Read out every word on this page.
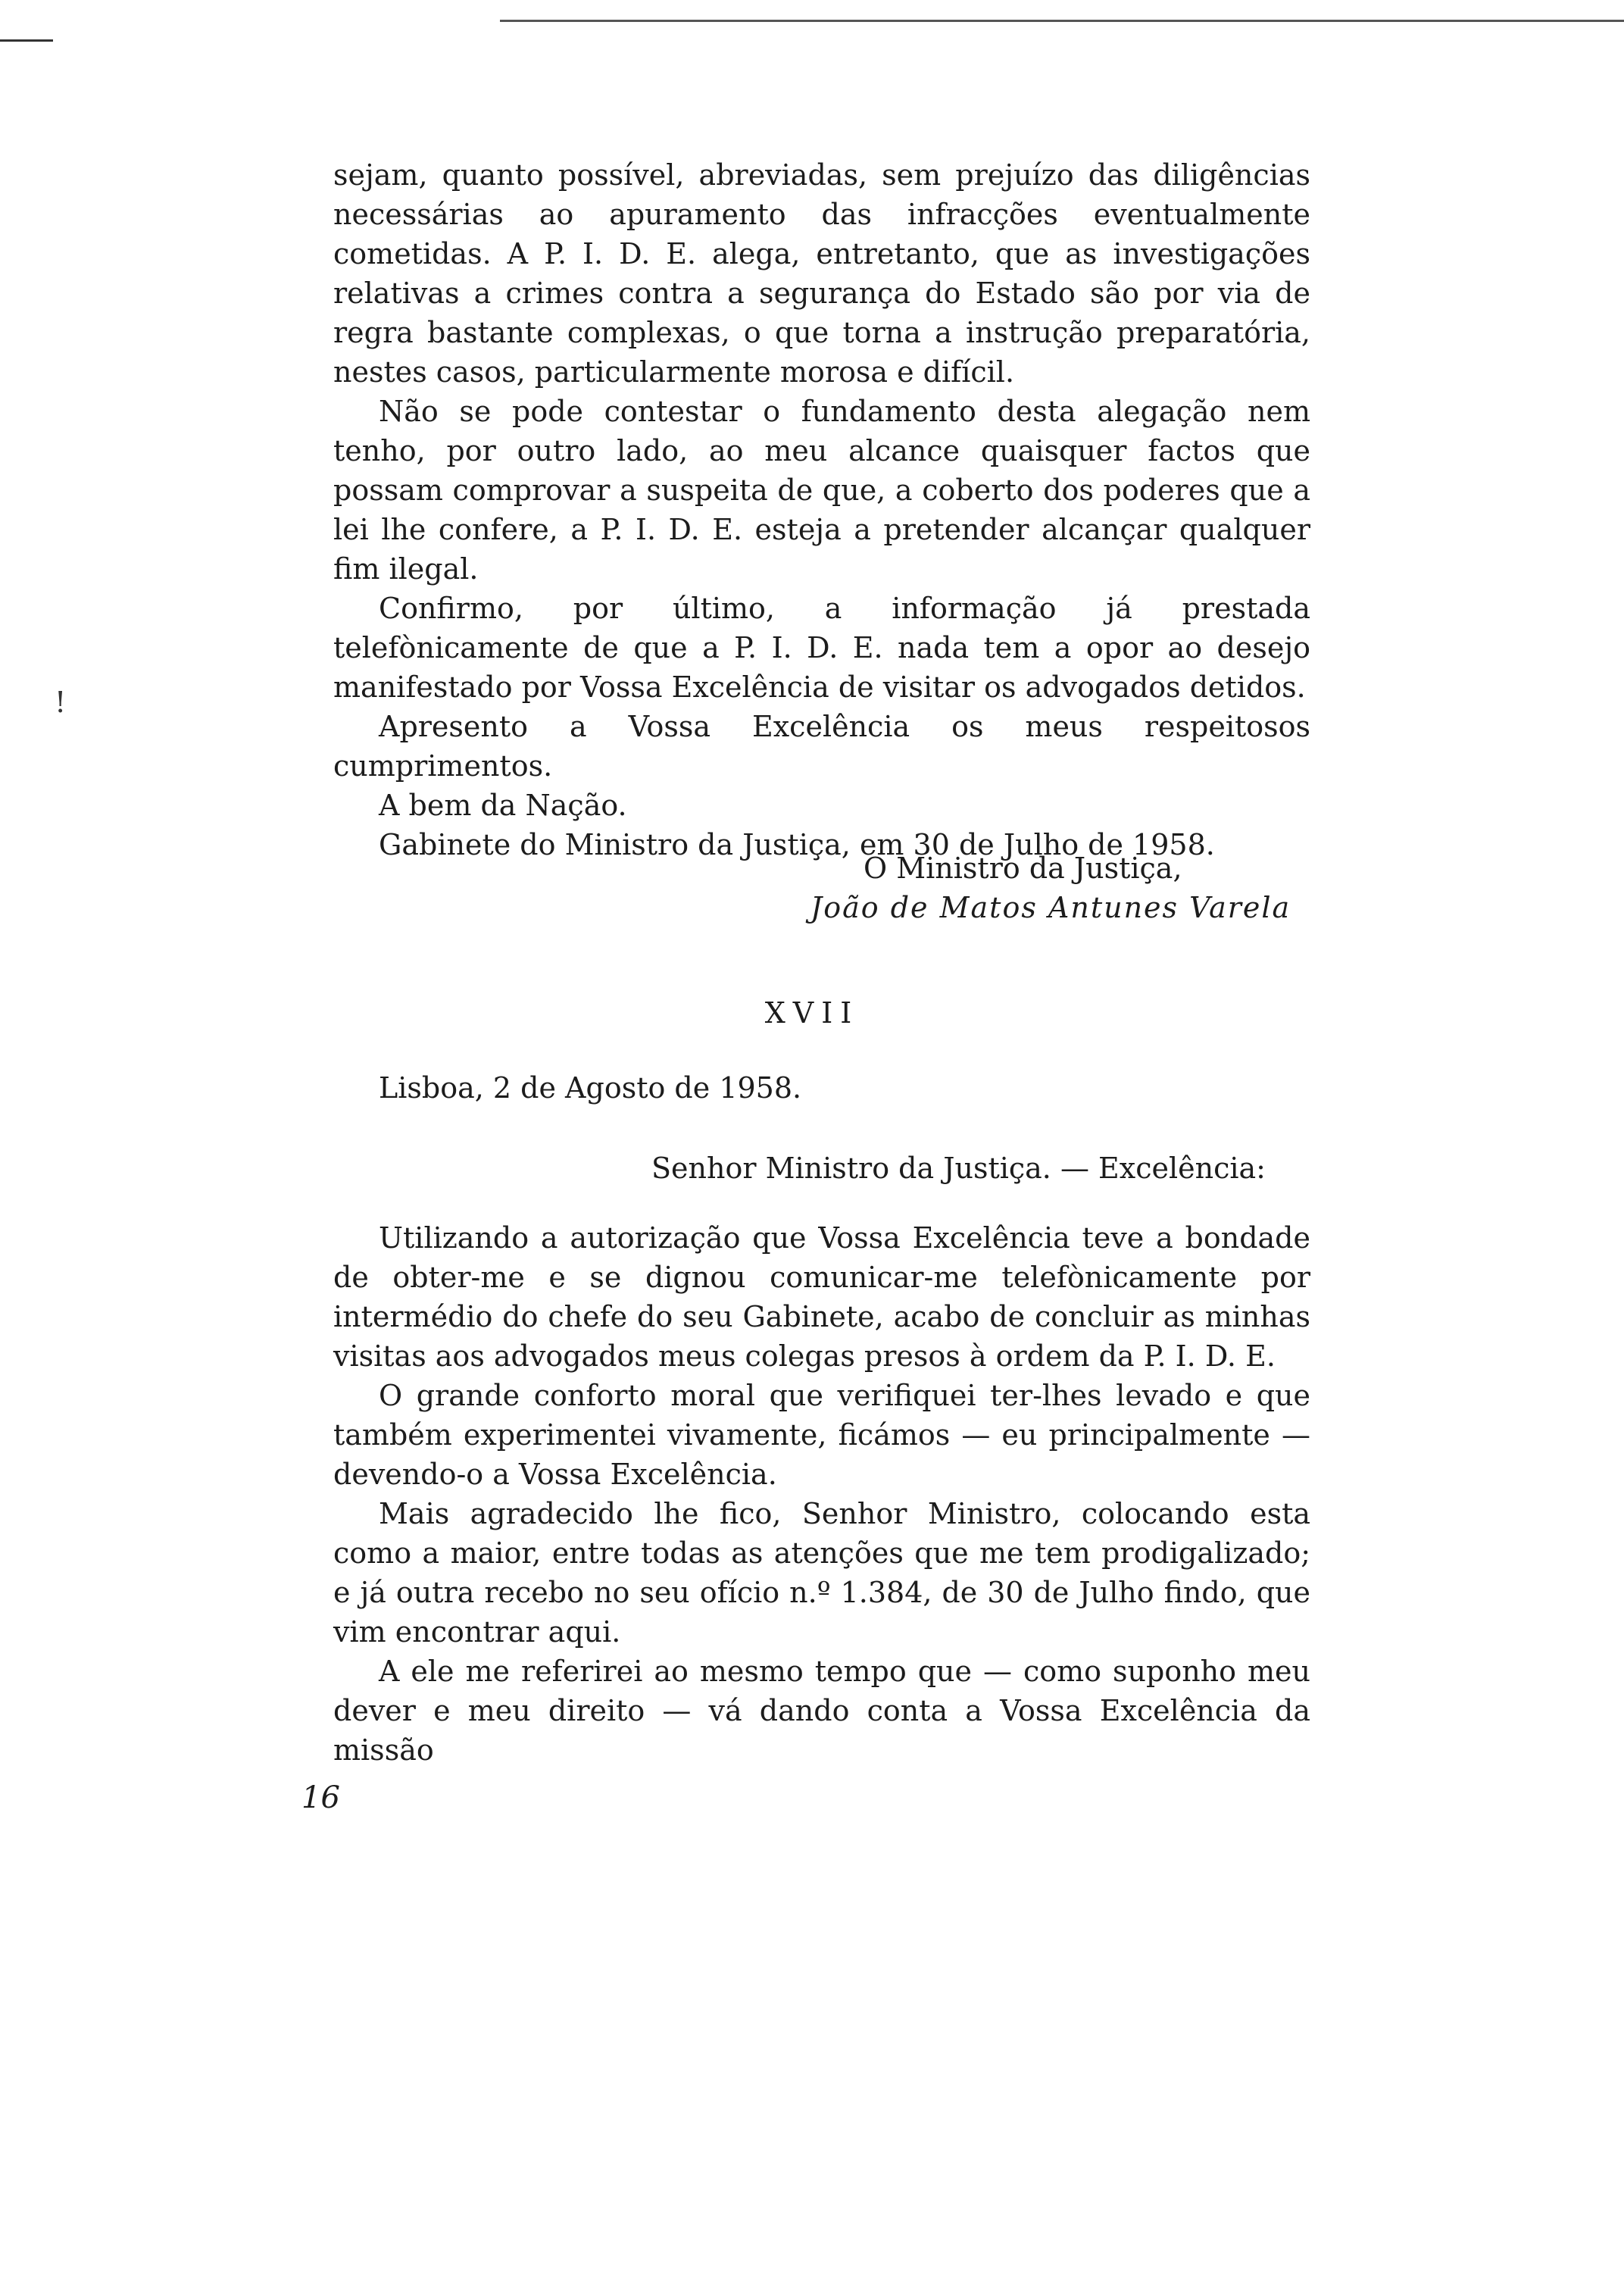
!

sejam, quanto possível, abreviadas, sem prejuízo das diligências necessárias ao apuramento das infracções eventualmente cometidas. A P. I. D. E. alega, entretanto, que as investigações relativas a crimes contra a segurança do Estado são por via de regra bastante complexas, o que torna a instrução preparatória, nestes casos, particularmente morosa e difícil.

Não se pode contestar o fundamento desta alegação nem tenho, por outro lado, ao meu alcance quaisquer factos que possam comprovar a suspeita de que, a coberto dos poderes que a lei lhe confere, a P. I. D. E. esteja a pretender alcançar qualquer fim ilegal.

Confirmo, por último, a informação já prestada telefònicamente de que a P. I. D. E. nada tem a opor ao desejo manifestado por Vossa Excelência de visitar os advogados detidos.

Apresento a Vossa Excelência os meus respeitosos cumprimentos.

A bem da Nação.

Gabinete do Ministro da Justiça, em 30 de Julho de 1958.

O Ministro da Justiça,
João de Matos Antunes Varela
XVII

Lisboa, 2 de Agosto de 1958.

Senhor Ministro da Justiça. — Excelência:

Utilizando a autorização que Vossa Excelência teve a bondade de obter-me e se dignou comunicar-me telefònicamente por intermédio do chefe do seu Gabinete, acabo de concluir as minhas visitas aos advogados meus colegas presos à ordem da P. I. D. E.

O grande conforto moral que verifiquei ter-lhes levado e que também experimentei vivamente, ficámos — eu principalmente — devendo-o a Vossa Excelência.

Mais agradecido lhe fico, Senhor Ministro, colocando esta como a maior, entre todas as atenções que me tem prodigalizado; e já outra recebo no seu ofício n.º 1.384, de 30 de Julho findo, que vim encontrar aqui.

A ele me referirei ao mesmo tempo que — como suponho meu dever e meu direito — vá dando conta a Vossa Excelência da missão

16
